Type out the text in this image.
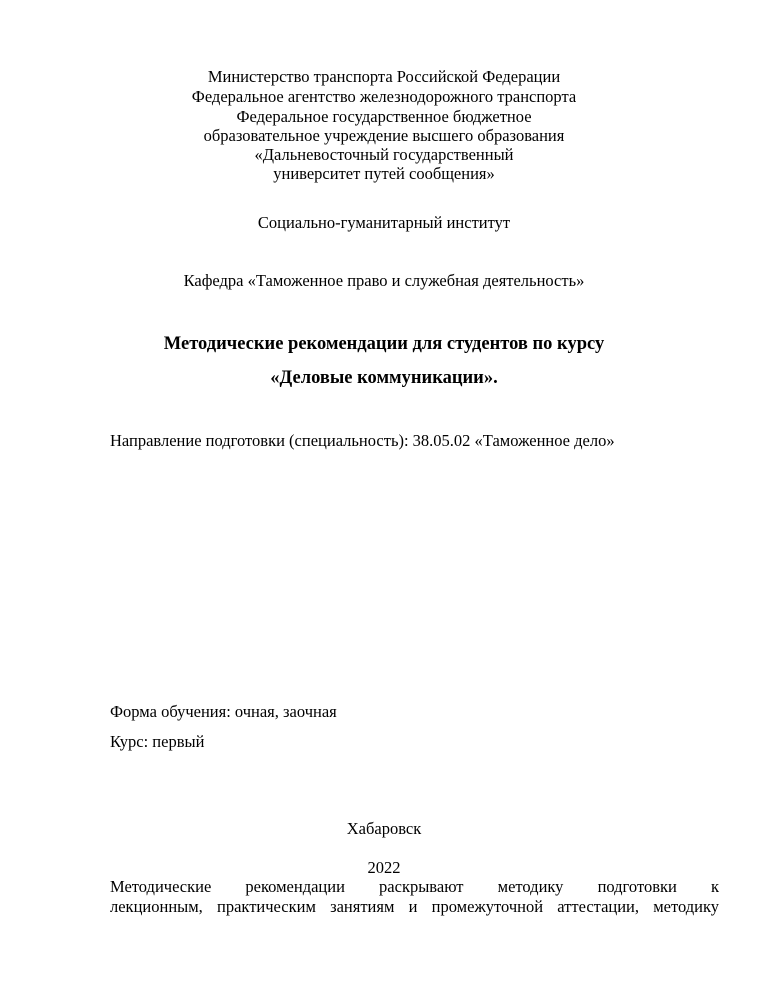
Министерство транспорта Российской Федерации
Федеральное агентство железнодорожного транспорта
Федеральное государственное бюджетное
образовательное учреждение высшего образования
«Дальневосточный государственный
университет путей сообщения»
Социально-гуманитарный институт
Кафедра «Таможенное право и служебная деятельность»
Методические рекомендации для студентов по курсу
«Деловые коммуникации».
Направление подготовки (специальность): 38.05.02 «Таможенное дело»
Форма обучения: очная, заочная
Курс: первый
Хабаровск
2022
Методические рекомендации раскрывают методику подготовки к
лекционным, практическим занятиям и промежуточной аттестации, методику
